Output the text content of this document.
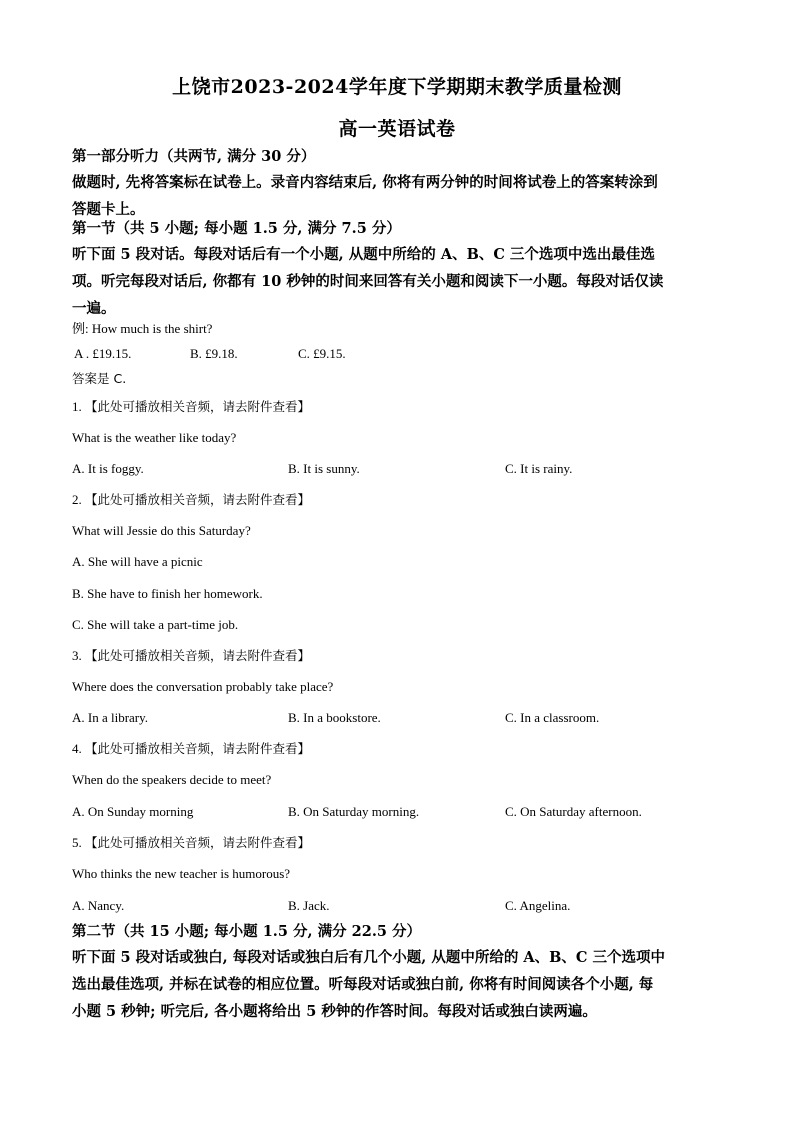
上饶市2023-2024学年度下学期期末教学质量检测
高一英语试卷
第一部分听力（共两节, 满分 30 分）
做题时, 先将答案标在试卷上。录音内容结束后, 你将有两分钟的时间将试卷上的答案转涂到
答题卡上。
第一节（共 5 小题; 每小题 1.5 分, 满分 7.5 分）
听下面 5 段对话。每段对话后有一个小题, 从题中所给的 A、B、C 三个选项中选出最佳选
项。听完每段对话后, 你都有 10 秒钟的时间来回答有关小题和阅读下一小题。每段对话仅读
一遍。
例: How much is the shirt?
A . £19.15.	B. £9.18.	C. £9.15.
答案是 C.
1. 【此处可播放相关音频，请去附件查看】
What is the weather like today?
A. It is foggy.	B. It is sunny.	C. It is rainy.
2. 【此处可播放相关音频，请去附件查看】
What will Jessie do this Saturday?
A. She will have a picnic
B. She have to finish her homework.
C. She will take a part-time job.
3. 【此处可播放相关音频，请去附件查看】
Where does the conversation probably take place?
A. In a library.	B. In a bookstore.	C. In a classroom.
4. 【此处可播放相关音频，请去附件查看】
When do the speakers decide to meet?
A. On Sunday morning	B. On Saturday morning.	C. On Saturday afternoon.
5. 【此处可播放相关音频，请去附件查看】
Who thinks the new teacher is humorous?
A. Nancy.	B. Jack.	C. Angelina.
第二节（共 15 小题; 每小题 1.5 分, 满分 22.5 分）
听下面 5 段对话或独白, 每段对话或独白后有几个小题, 从题中所给的 A、B、C 三个选项中
选出最佳选项, 并标在试卷的相应位置。听每段对话或独白前, 你将有时间阅读各个小题, 每
小题 5 秒钟; 听完后, 各小题将给出 5 秒钟的作答时间。每段对话或独白读两遍。
